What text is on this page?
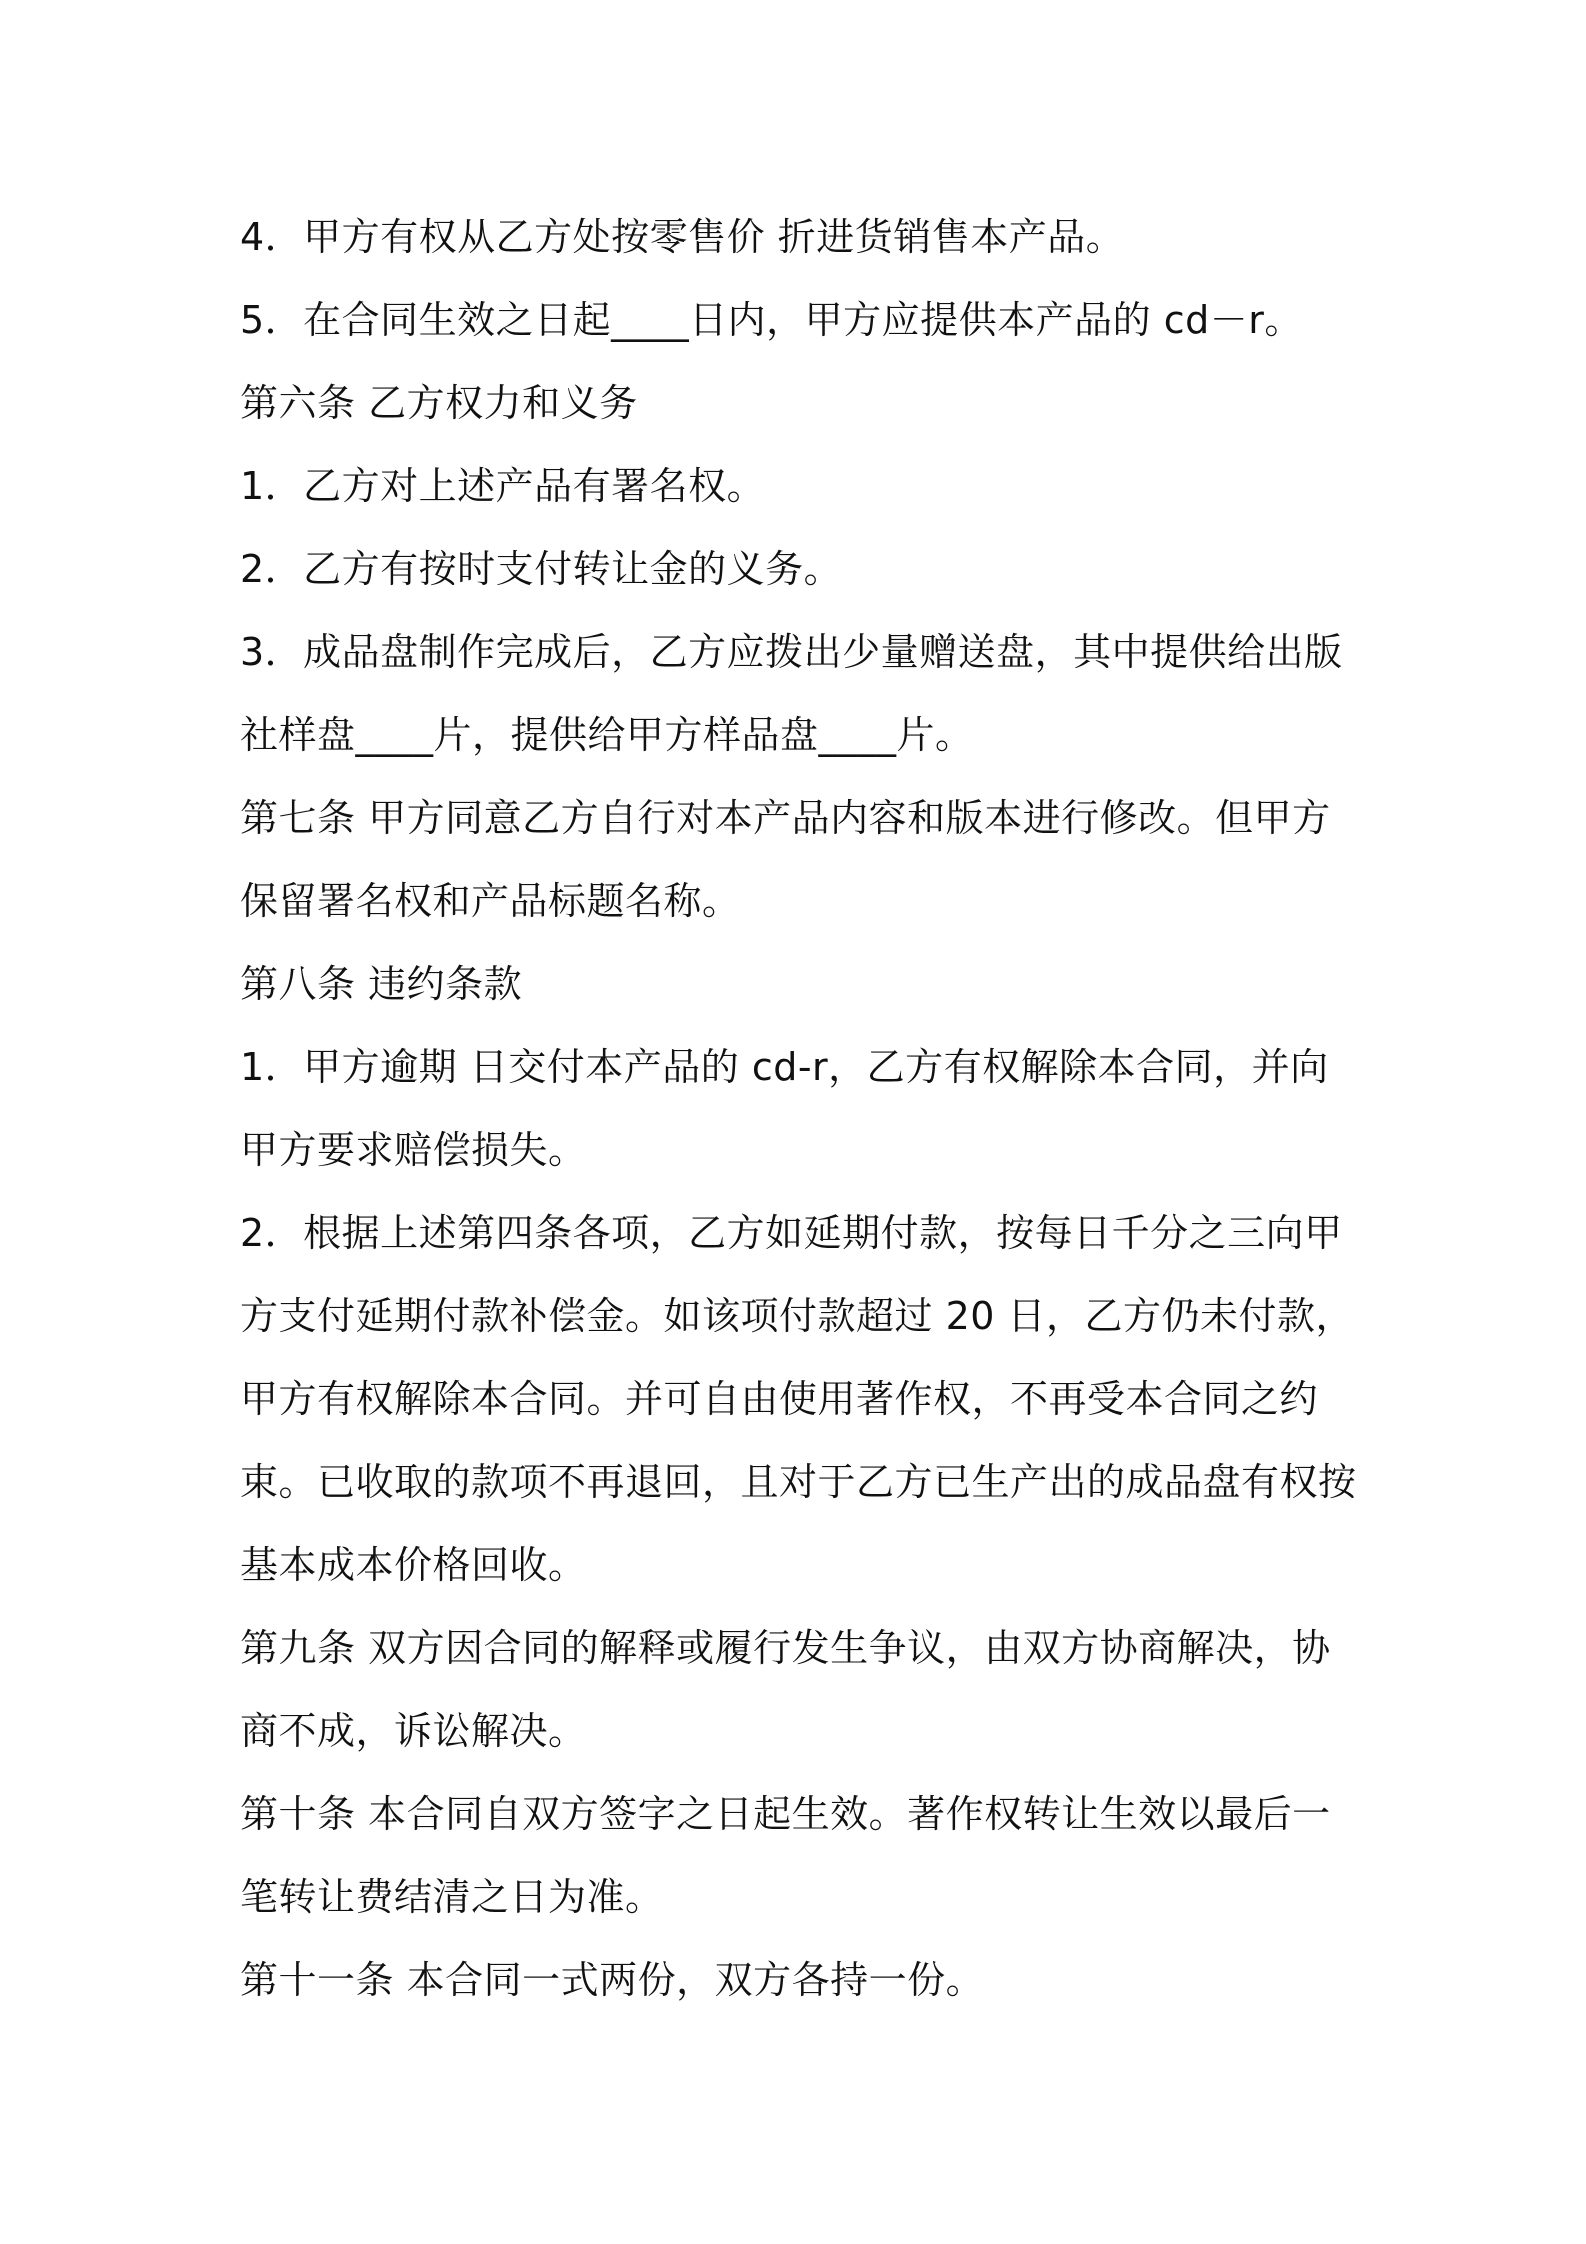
4．甲方有权从乙方处按零售价 折进货销售本产品。

5．在合同生效之日起____日内，甲方应提供本产品的 cd－r。

第六条 乙方权力和义务

1．乙方对上述产品有署名权。

2．乙方有按时支付转让金的义务。

3．成品盘制作完成后，乙方应拨出少量赠送盘，其中提供给出版社样盘____片，提供给甲方样品盘____片。

第七条 甲方同意乙方自行对本产品内容和版本进行修改。但甲方保留署名权和产品标题名称。

第八条 违约条款

1．甲方逾期 日交付本产品的 cd-r，乙方有权解除本合同，并向甲方要求赔偿损失。

2．根据上述第四条各项，乙方如延期付款，按每日千分之三向甲方支付延期付款补偿金。如该项付款超过 20 日，乙方仍未付款，甲方有权解除本合同。并可自由使用著作权，不再受本合同之约束。已收取的款项不再退回，且对于乙方已生产出的成品盘有权按基本成本价格回收。

第九条 双方因合同的解释或履行发生争议，由双方协商解决，协商不成，诉讼解决。

第十条 本合同自双方签字之日起生效。著作权转让生效以最后一笔转让费结清之日为准。

第十一条 本合同一式两份，双方各持一份。
